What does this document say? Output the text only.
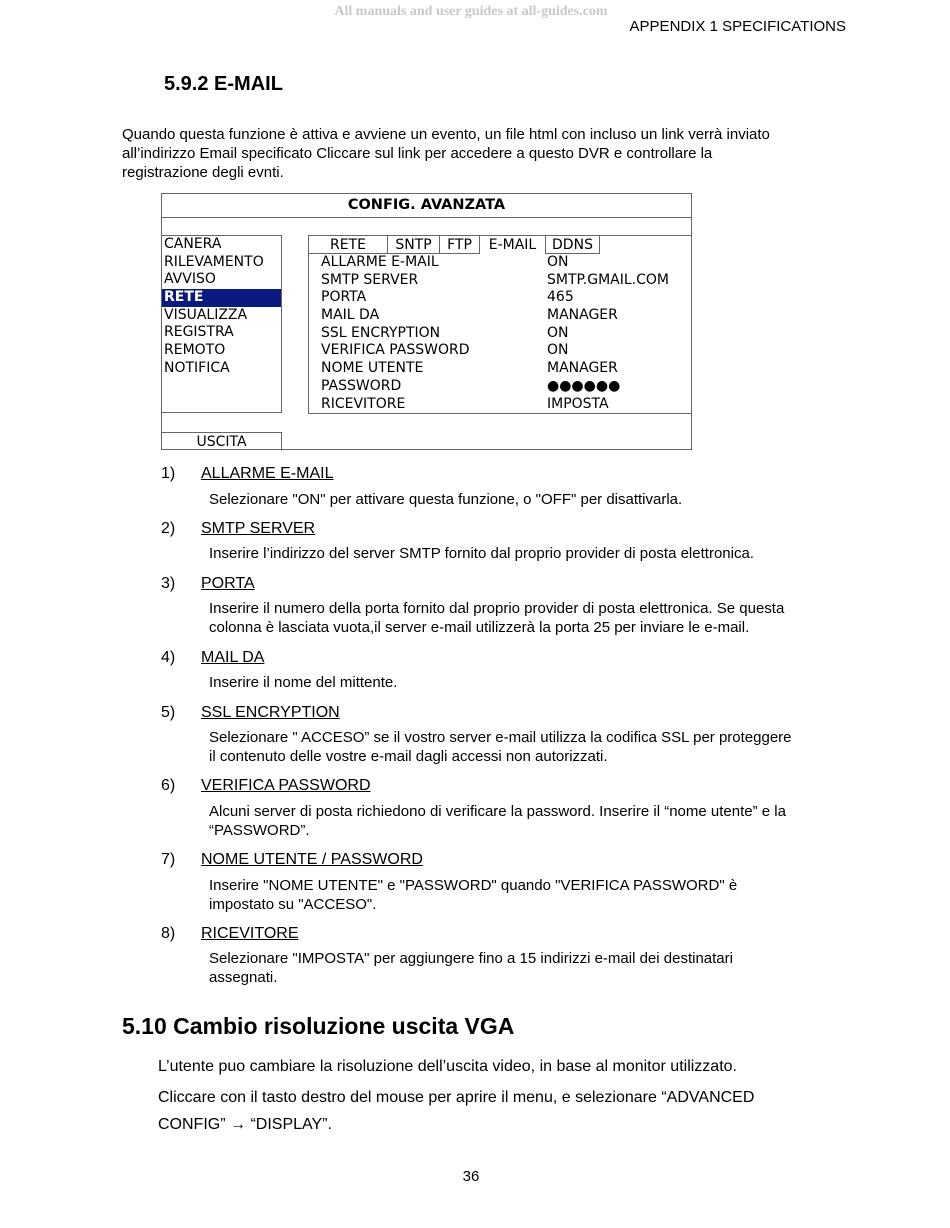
All manuals and user guides at all-guides.com
APPENDIX 1 SPECIFICATIONS
5.9.2 E-MAIL

Quando questa funzione è attiva e avviene un evento, un file html con incluso un link verrà inviato

all’indirizzo Email specificato Cliccare sul link per accedere a questo DVR e controllare la

registrazione degli evnti.

CONFIG. AVANZATA
CANERA
RILEVAMENTO
AVVISO
RETE
VISUALIZZA
REGISTRA
REMOTO
NOTIFICA
USCITA
RETE	SNTP	FTP	E-MAIL	DDNS
ALLARME E-MAIL	ON
SMTP SERVER	SMTP.GMAIL.COM
PORTA	465
MAIL DA	MANAGER
SSL ENCRYPTION	ON
VERIFICA PASSWORD	ON
NOME UTENTE	MANAGER
PASSWORD	●●●●●●
RICEVITORE	IMPOSTA
1) ALLARME E-MAIL
Selezionare "ON" per attivare questa funzione, o "OFF" per disattivarla.
2) SMTP SERVER
Inserire l’indirizzo del server SMTP fornito dal proprio provider di posta elettronica.
3) PORTA
Inserire il numero della porta fornito dal proprio provider di posta elettronica. Se questa
colonna è lasciata vuota,il server e-mail utilizzerà la porta 25 per inviare le e-mail.
4) MAIL DA
Inserire il nome del mittente.
5) SSL ENCRYPTION
Selezionare " ACCESO” se il vostro server e-mail utilizza la codifica SSL per proteggere
il contenuto delle vostre e-mail dagli accessi non autorizzati.
6) VERIFICA PASSWORD
Alcuni server di posta richiedono di verificare la password. Inserire il “nome utente” e la
“PASSWORD”.
7) NOME UTENTE / PASSWORD
Inserire "NOME UTENTE" e "PASSWORD" quando "VERIFICA PASSWORD" è
impostato su "ACCESO".
8) RICEVITORE
Selezionare "IMPOSTA" per aggiungere fino a 15 indirizzi e-mail dei destinatari
assegnati.
5.10 Cambio risoluzione uscita VGA
L’utente puo cambiare la risoluzione dell’uscita video, in base al monitor utilizzato.
Cliccare con il tasto destro del mouse per aprire il menu, e selezionare “ADVANCED
CONFIG” → “DISPLAY”.
36
